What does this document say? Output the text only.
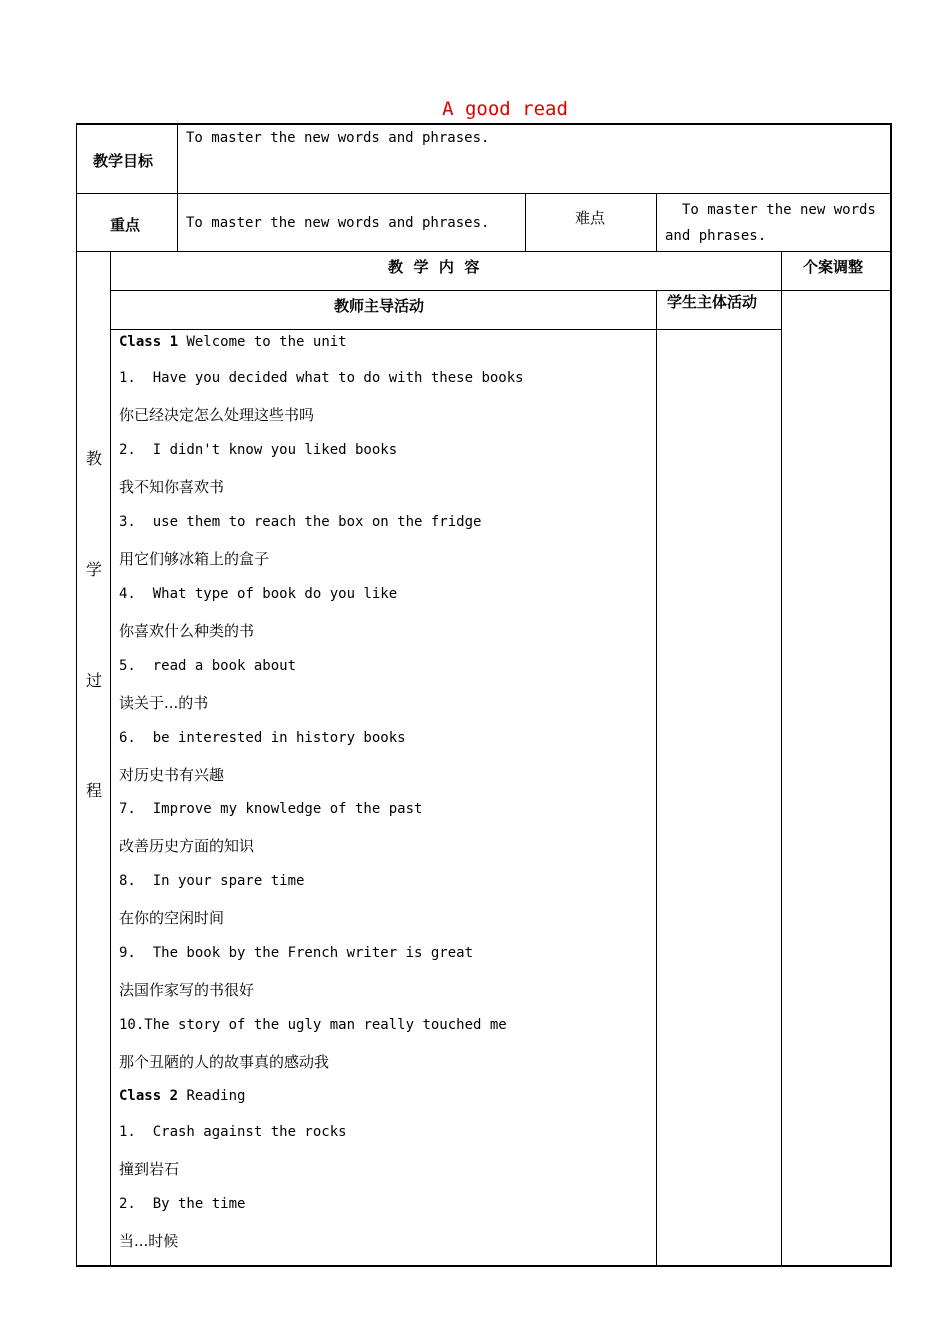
A good read
教学目标
To master the new words and phrases.
重点	To master the new words and phrases.	难点	To master the new words
and phrases.
教  学  内  容	个案调整
教师主导活动	学生主体活动
教
学
过
程
Class 1 Welcome to the unit
1. Have you decided what to do with these books
你已经决定怎么处理这些书吗
2. I didn't know you liked books
我不知你喜欢书
3. use them to reach the box on the fridge
用它们够冰箱上的盒子
4. What type of book do you like
你喜欢什么种类的书
5. read a book about
读关于...的书
6. be interested in history books
对历史书有兴趣
7. Improve my knowledge of the past
改善历史方面的知识
8. In your spare time
在你的空闲时间
9. The book by the French writer is great
法国作家写的书很好
10.The story of the ugly man really touched me
那个丑陋的人的故事真的感动我
Class 2 Reading
1. Crash against the rocks
撞到岩石
2. By the time
当...时候
